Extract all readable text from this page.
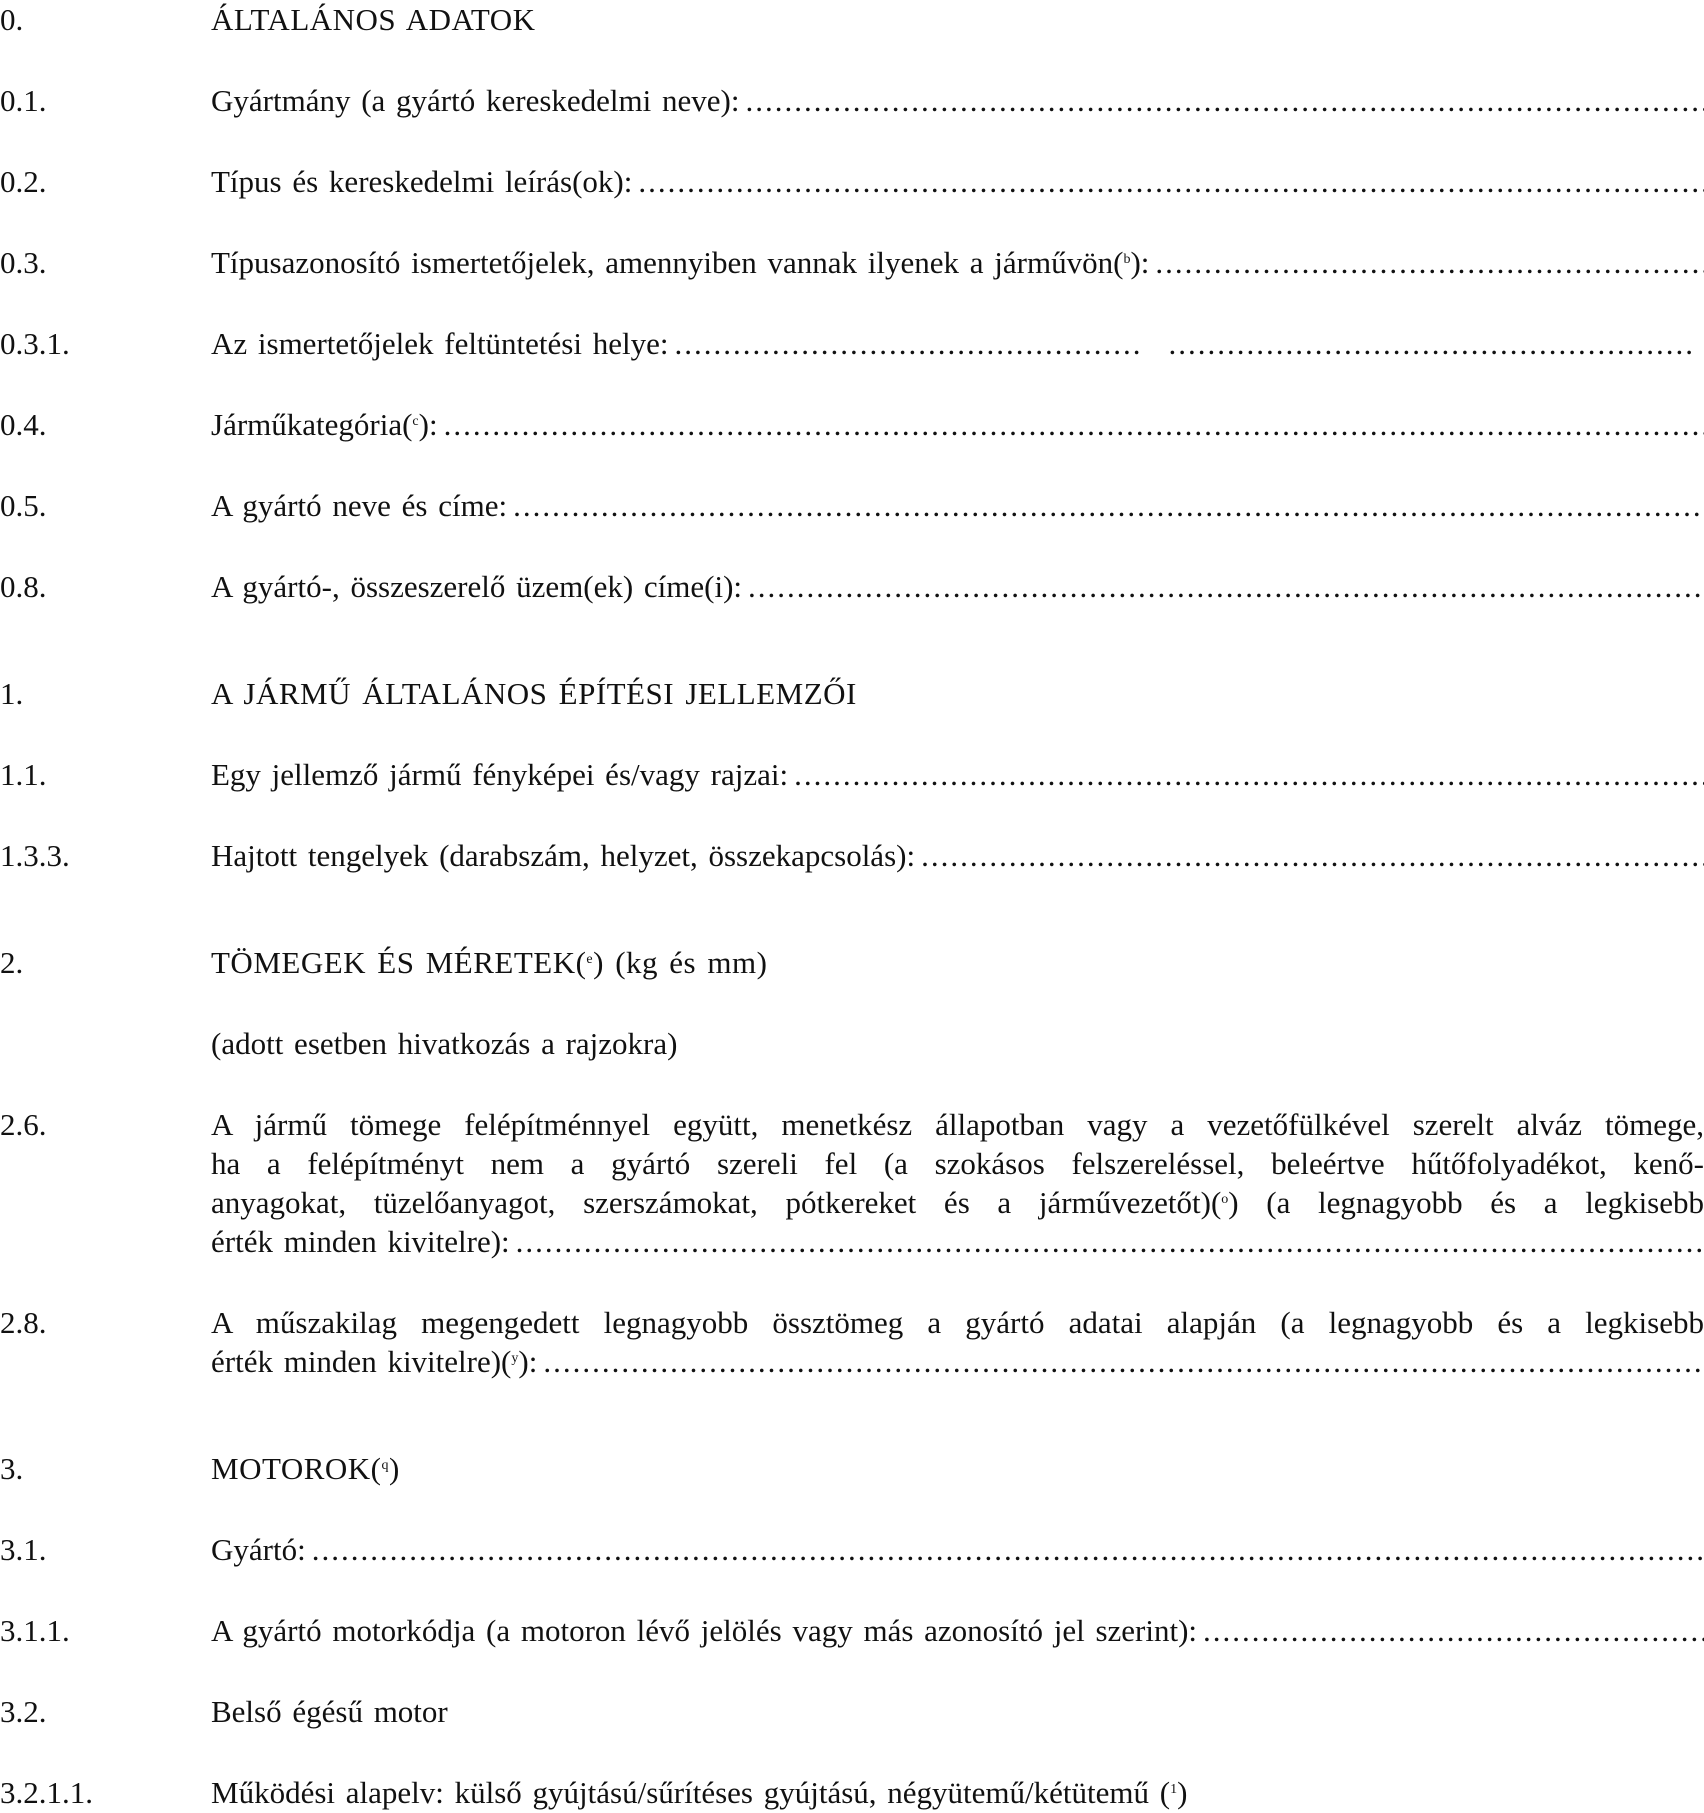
0.	ÁLTALÁNOS ADATOK
0.1.	Gyártmány (a gyártó kereskedelmi neve):
.....
0.2.	Típus és kereskedelmi leírás(ok):
.....
0.3.	Típusazonosító ismertetőjelek, amennyiben vannak ilyenek a járművön($^b$):
.....
0.3.1.	Az ismertetőjelek feltüntetési helye:
.....
.....
0.4.	Járműkategória($^c$):
.....
0.5.	A gyártó neve és címe:
.....
0.8.	A gyártó-, összeszerelő üzem(ek) címe(i):
.....
1.	A JÁRMŰ ÁLTALÁNOS ÉPÍTÉSI JELLEMZŐI
1.1.	Egy jellemző jármű fényképei és/vagy rajzai:
.....
1.3.3.	Hajtott tengelyek (darabszám, helyzet, összekapcsolás):
.....
2.	TÖMEGEK ÉS MÉRETEK($^e$) (kg és mm)
(adott esetben hivatkozás a rajzokra)
2.6.	A jármű tömege felépítménnyel együtt, menetkész állapotban vagy a vezetőfülkével szerelt alváz tömege,
ha a felépítményt nem a gyártó szereli fel (a szokásos felszereléssel, beleértve hűtőfolyadékot, kenő-
anyagokat, tüzelőanyagot, szerszámokat, pótkereket és a járművezetőt)($^o$) (a legnagyobb és a legkisebb
érték minden kivitelre):
.....
2.8.	A műszakilag megengedett legnagyobb össztömeg a gyártó adatai alapján (a legnagyobb és a legkisebb
érték minden kivitelre)($^y$):
.....
3.	MOTOROK($^q$)
3.1.	Gyártó:
.....
3.1.1.	A gyártó motorkódja (a motoron lévő jelölés vagy más azonosító jel szerint):
.....
3.2.	Belső égésű motor
3.2.1.1.	Működési alapelv: külső gyújtású/sűrítéses gyújtású, négyütemű/kétütemű ($^1$)
